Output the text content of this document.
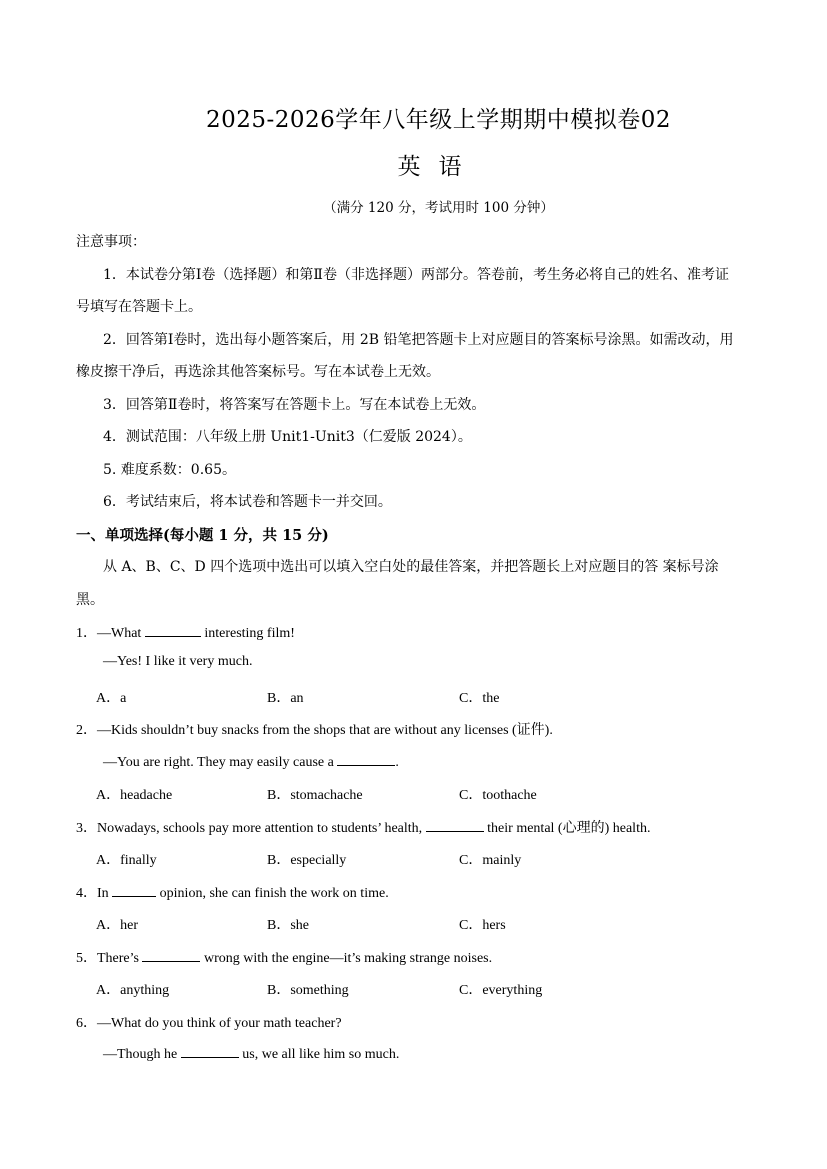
2025-2026学年八年级上学期期中模拟卷02
英语
（满分 120 分，考试用时 100 分钟）
注意事项：
1．本试卷分第Ⅰ卷（选择题）和第Ⅱ卷（非选择题）两部分。答卷前，考生务必将自己的姓名、准考证
号填写在答题卡上。
2．回答第Ⅰ卷时，选出每小题答案后，用 2B 铅笔把答题卡上对应题目的答案标号涂黑。如需改动，用
橡皮擦干净后，再选涂其他答案标号。写在本试卷上无效。
3．回答第Ⅱ卷时，将答案写在答题卡上。写在本试卷上无效。
4．测试范围：八年级上册 Unit1-Unit3（仁爱版 2024）。
5. 难度系数：0.65。
6．考试结束后，将本试卷和答题卡一并交回。
一、单项选择(每小题 1 分，共 15 分)
从 A、B、C、D 四个选项中选出可以填入空白处的最佳答案，并把答题长上对应题目的答 案标号涂
黑。
1．—What	interesting film!
—Yes! I like it very much.
A．a	B．an	C．the
2．—Kids shouldn’t buy snacks from the shops that are without any licenses (证件).
—You are right. They may easily cause a	.
A．headache	B．stomachache	C．toothache
3．Nowadays, schools pay more attention to students’ health,	their mental (心理的) health.
A．finally	B．especially	C．mainly
4．In	opinion, she can finish the work on time.
A．her	B．she	C．hers
5．There’s	wrong with the engine—it’s making strange noises.
A．anything	B．something	C．everything
6．—What do you think of your math teacher?
—Though he	us, we all like him so much.
